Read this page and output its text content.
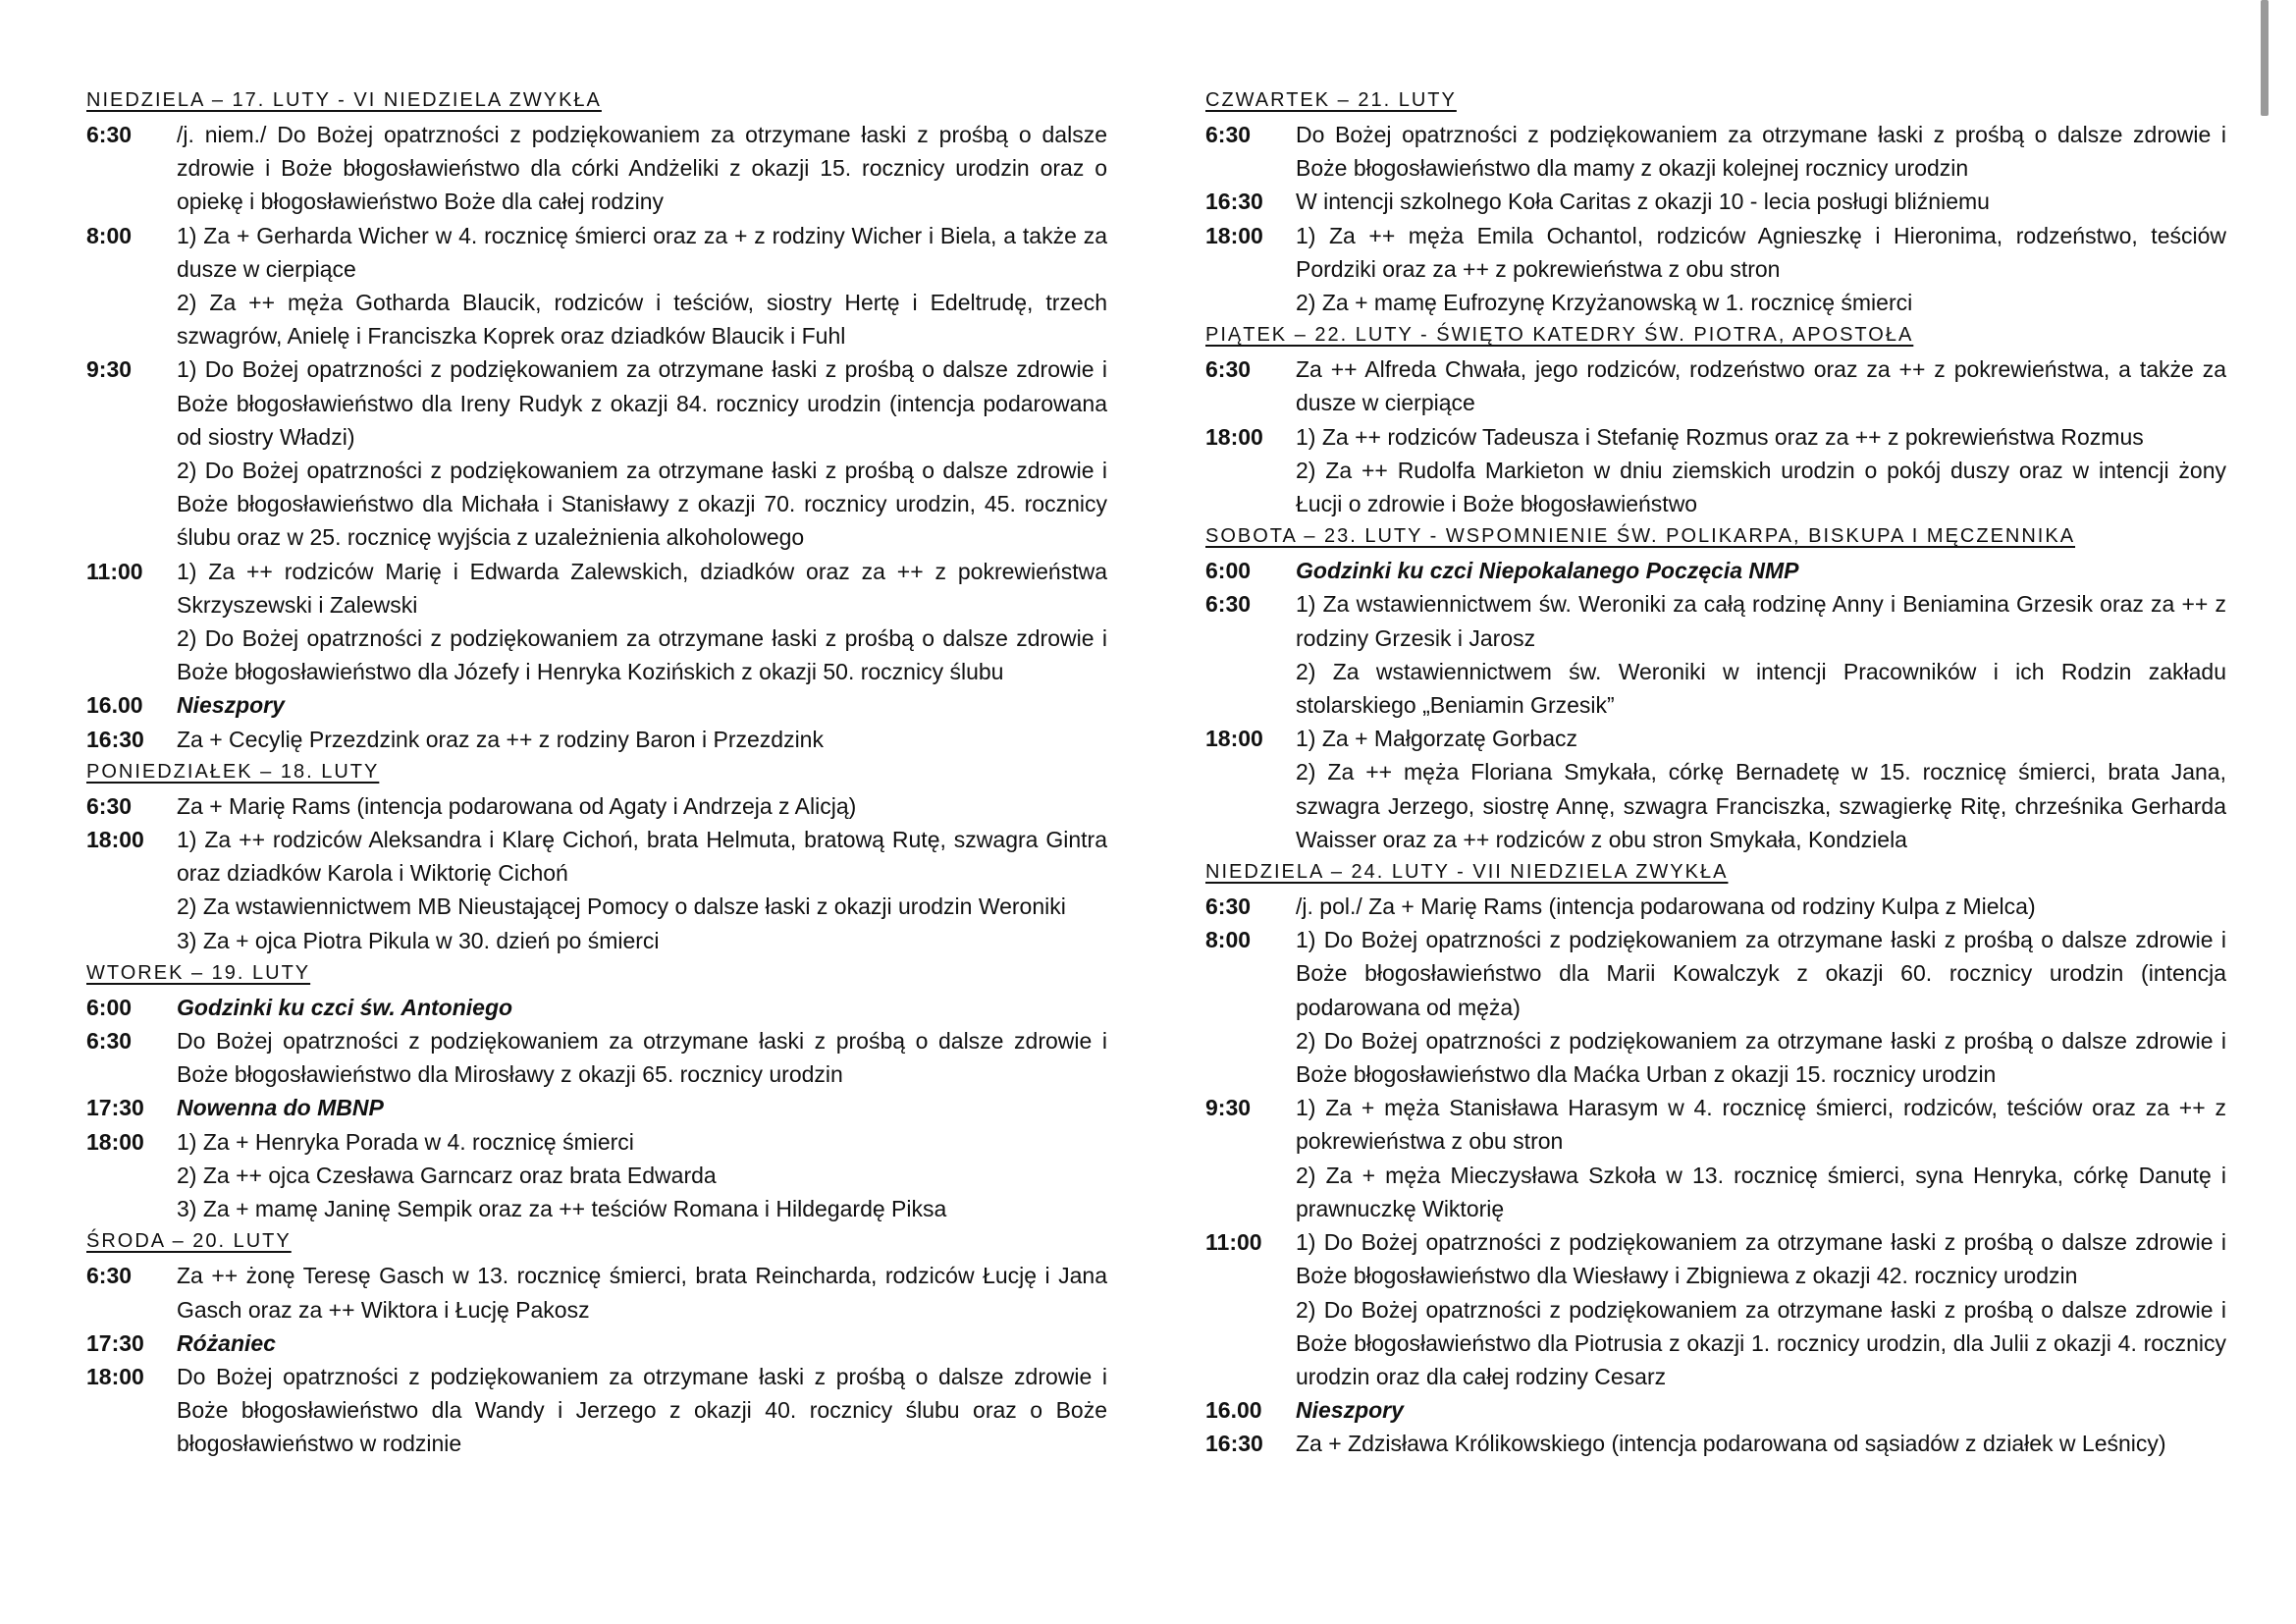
NIEDZIELA – 17. LUTY - VI NIEDZIELA ZWYKŁA
6:30	/j. niem./ Do Bożej opatrzności z podziękowaniem za otrzymane łaski z prośbą o dalsze zdrowie i Boże błogosławieństwo dla córki Andżeliki z okazji 15. rocznicy urodzin oraz o opiekę i błogosławieństwo Boże dla całej rodziny

8:00	1) Za + Gerharda Wicher w 4. rocznicę śmierci oraz za + z rodziny Wicher i Biela, a także za dusze w cierpiące

2) Za ++ męża Gotharda Blaucik, rodziców i teściów, siostry Hertę i Edeltrudę, trzech szwagrów, Anielę i Franciszka Koprek oraz dziadków Blaucik i Fuhl

9:30	1) Do Bożej opatrzności z podziękowaniem za otrzymane łaski z prośbą o dalsze zdrowie i Boże błogosławieństwo dla Ireny Rudyk z okazji 84. rocznicy urodzin (intencja podarowana od siostry Władzi)

2) Do Bożej opatrzności z podziękowaniem za otrzymane łaski z prośbą o dalsze zdrowie i Boże błogosławieństwo dla Michała i Stanisławy z okazji 70. rocznicy urodzin, 45. rocznicy ślubu oraz w 25. rocznicę wyjścia z uzależnienia alkoholowego

11:00	1) Za ++ rodziców Marię i Edwarda Zalewskich, dziadków oraz za ++ z pokrewieństwa Skrzyszewski i Zalewski

2) Do Bożej opatrzności z podziękowaniem za otrzymane łaski z prośbą o dalsze zdrowie i Boże błogosławieństwo dla Józefy i Henryka Kozińskich z okazji 50. rocznicy ślubu

16.00	Nieszpory

16:30	Za + Cecylię Przezdzink oraz za ++ z rodziny Baron i Przezdzink

PONIEDZIAŁEK – 18. LUTY
6:30	Za + Marię Rams (intencja podarowana od Agaty i Andrzeja z Alicją)

18:00	1) Za ++ rodziców Aleksandra i Klarę Cichoń, brata Helmuta, bratową Rutę, szwagra Gintra oraz dziadków Karola i Wiktorię Cichoń

2) Za wstawiennictwem MB Nieustającej Pomocy o dalsze łaski z okazji urodzin Weroniki

3) Za + ojca Piotra Pikula w 30. dzień po śmierci

WTOREK – 19. LUTY
6:00	Godzinki ku czci św. Antoniego

6:30	Do Bożej opatrzności z podziękowaniem za otrzymane łaski z prośbą o dalsze zdrowie i Boże błogosławieństwo dla Mirosławy z okazji 65. rocznicy urodzin

17:30	Nowenna do MBNP

18:00	1) Za + Henryka Porada w 4. rocznicę śmierci

2) Za ++ ojca Czesława Garncarz oraz brata Edwarda

3) Za + mamę Janinę Sempik oraz za ++ teściów Romana i Hildegardę Piksa

ŚRODA – 20. LUTY
6:30	Za ++ żonę Teresę Gasch w 13. rocznicę śmierci, brata Reincharda, rodziców Łucję i Jana Gasch oraz za ++ Wiktora i Łucję Pakosz

17:30	Różaniec

18:00	Do Bożej opatrzności z podziękowaniem za otrzymane łaski z prośbą o dalsze zdrowie i Boże błogosławieństwo dla Wandy i Jerzego z okazji 40. rocznicy ślubu oraz o Boże błogosławieństwo w rodzinie

CZWARTEK – 21. LUTY
6:30	Do Bożej opatrzności z podziękowaniem za otrzymane łaski z prośbą o dalsze zdrowie i Boże błogosławieństwo dla mamy z okazji kolejnej rocznicy urodzin

16:30	W intencji szkolnego Koła Caritas z okazji 10 - lecia posługi bliźniemu

18:00	1) Za ++ męża Emila Ochantol, rodziców Agnieszkę i Hieronima, rodzeństwo, teściów Pordziki oraz za ++ z pokrewieństwa z obu stron

2) Za + mamę Eufrozynę Krzyżanowską w 1. rocznicę śmierci

PIĄTEK – 22. LUTY - ŚWIĘTO KATEDRY ŚW. PIOTRA, APOSTOŁA
6:30	Za ++ Alfreda Chwała, jego rodziców, rodzeństwo oraz za ++ z pokrewieństwa, a także za dusze w cierpiące

18:00	1) Za ++ rodziców Tadeusza i Stefanię Rozmus oraz za ++ z pokrewieństwa Rozmus

2) Za ++ Rudolfa Markieton w dniu ziemskich urodzin o pokój duszy oraz w intencji żony Łucji o zdrowie i Boże błogosławieństwo

SOBOTA – 23. LUTY - WSPOMNIENIE ŚW. POLIKARPA, BISKUPA I MĘCZENNIKA
6:00	Godzinki ku czci Niepokalanego Poczęcia NMP

6:30	1) Za wstawiennictwem św. Weroniki za całą rodzinę Anny i Beniamina Grzesik oraz za ++ z rodziny Grzesik i Jarosz

2) Za wstawiennictwem św. Weroniki w intencji Pracowników i ich Rodzin zakładu stolarskiego „Beniamin Grzesik”

18:00	1) Za + Małgorzatę Gorbacz

2) Za ++ męża Floriana Smykała, córkę Bernadetę w 15. rocznicę śmierci, brata Jana, szwagra Jerzego, siostrę Annę, szwagra Franciszka, szwagierkę Ritę, chrześnika Gerharda Waisser oraz za ++ rodziców z obu stron Smykała, Kondziela

NIEDZIELA – 24. LUTY - VII NIEDZIELA ZWYKŁA
6:30	/j. pol./ Za + Marię Rams (intencja podarowana od rodziny Kulpa z Mielca)

8:00	1) Do Bożej opatrzności z podziękowaniem za otrzymane łaski z prośbą o dalsze zdrowie i Boże błogosławieństwo dla Marii Kowalczyk z okazji 60. rocznicy urodzin (intencja podarowana od męża)

2) Do Bożej opatrzności z podziękowaniem za otrzymane łaski z prośbą o dalsze zdrowie i Boże błogosławieństwo dla Maćka Urban z okazji 15. rocznicy urodzin

9:30	1) Za + męża Stanisława Harasym w 4. rocznicę śmierci, rodziców, teściów oraz za ++ z pokrewieństwa z obu stron

2) Za + męża Mieczysława Szkoła w 13. rocznicę śmierci, syna Henryka, córkę Danutę i prawnuczkę Wiktorię

11:00	1) Do Bożej opatrzności z podziękowaniem za otrzymane łaski z prośbą o dalsze zdrowie i Boże błogosławieństwo dla Wiesławy i Zbigniewa z okazji 42. rocznicy urodzin

2) Do Bożej opatrzności z podziękowaniem za otrzymane łaski z prośbą o dalsze zdrowie i Boże błogosławieństwo dla Piotrusia z okazji 1. rocznicy urodzin, dla Julii z okazji 4. rocznicy urodzin oraz dla całej rodziny Cesarz

16.00	Nieszpory

16:30	Za + Zdzisława Królikowskiego (intencja podarowana od sąsiadów z działek w Leśnicy)
